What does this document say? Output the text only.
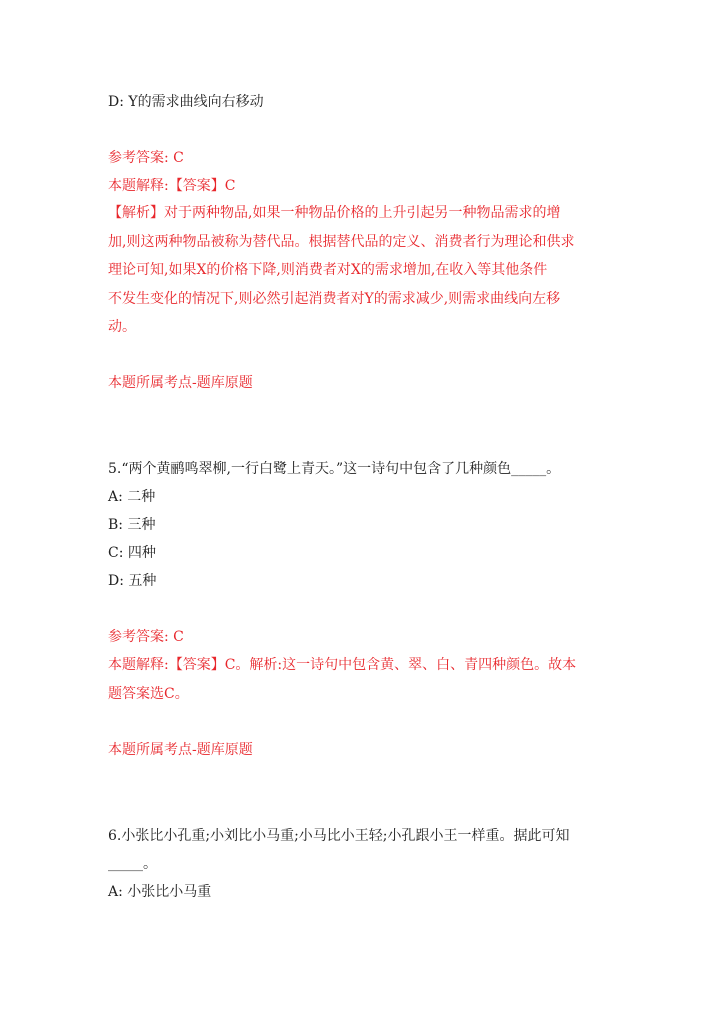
D: Y的需求曲线向右移动
参考答案: C
本题解释:【答案】C
【解析】对于两种物品,如果一种物品价格的上升引起另一种物品需求的增
加,则这两种物品被称为替代品。根据替代品的定义、消费者行为理论和供求
理论可知,如果X的价格下降,则消费者对X的需求增加,在收入等其他条件
不发生变化的情况下,则必然引起消费者对Y的需求减少,则需求曲线向左移
动。
本题所属考点-题库原题
5.“两个黄鹂鸣翠柳,一行白鹭上青天。”这一诗句中包含了几种颜色_____。
A: 二种
B: 三种
C: 四种
D: 五种
参考答案: C
本题解释:【答案】C。解析:这一诗句中包含黄、翠、白、青四种颜色。故本
题答案选C。
本题所属考点-题库原题
6.小张比小孔重;小刘比小马重;小马比小王轻;小孔跟小王一样重。据此可知
_____。
A: 小张比小马重
